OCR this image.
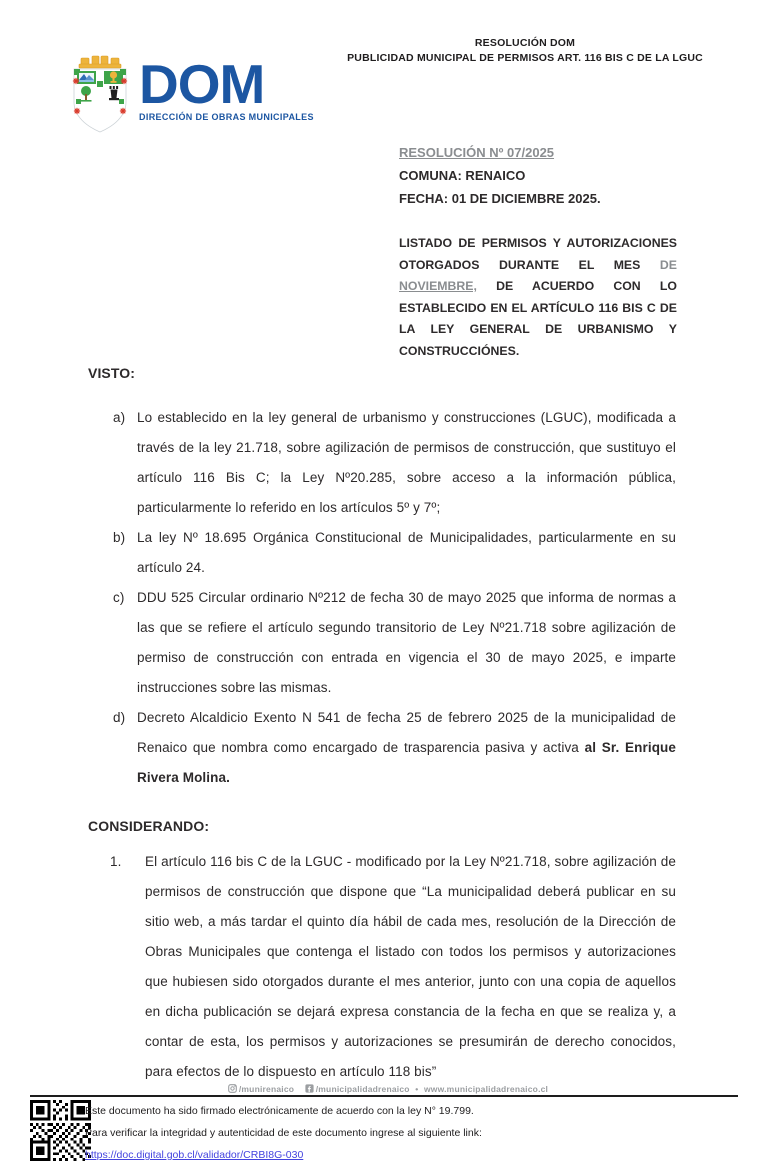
RESOLUCIÓN DOM
PUBLICIDAD MUNICIPAL DE PERMISOS ART. 116 BIS C DE LA LGUC
DOM
DIRECCIÓN DE OBRAS MUNICIPALES
RESOLUCIÓN Nº 07/2025
COMUNA: RENAICO
FECHA: 01 DE DICIEMBRE 2025.
LISTADO DE PERMISOS Y AUTORIZACIONES OTORGADOS DURANTE EL MES DE NOVIEMBRE, DE ACUERDO CON LO ESTABLECIDO EN EL ARTÍCULO 116 BIS C DE LA LEY GENERAL DE URBANISMO Y CONSTRUCCIÓNES.
VISTO:
a) Lo establecido en la ley general de urbanismo y construcciones (LGUC), modificada a través de la ley 21.718, sobre agilización de permisos de construcción, que sustituyo el artículo 116 Bis C; la Ley Nº20.285, sobre acceso a la información pública, particularmente lo referido en los artículos 5º y 7º;
b) La ley Nº 18.695 Orgánica Constitucional de Municipalidades, particularmente en su artículo 24.
c) DDU 525 Circular ordinario Nº212 de fecha 30 de mayo 2025 que informa de normas a las que se refiere el artículo segundo transitorio de Ley Nº21.718 sobre agilización de permiso de construcción con entrada en vigencia el 30 de mayo 2025, e imparte instrucciones sobre las mismas.
d) Decreto Alcaldicio Exento N 541 de fecha 25 de febrero 2025 de la municipalidad de Renaico que nombra como encargado de trasparencia pasiva y activa al Sr. Enrique Rivera Molina.
CONSIDERANDO:
1. El artículo 116 bis C de la LGUC - modificado por la Ley Nº21.718, sobre agilización de permisos de construcción que dispone que “La municipalidad deberá publicar en su sitio web, a más tardar el quinto día hábil de cada mes, resolución de la Dirección de Obras Municipales que contenga el listado con todos los permisos y autorizaciones que hubiesen sido otorgados durante el mes anterior, junto con una copia de aquellos en dicha publicación se dejará expresa constancia de la fecha en que se realiza y, a contar de esta, los permisos y autorizaciones se presumirán de derecho conocidos, para efectos de lo dispuesto en artículo 118 bis”
/munirenaico	/municipalidadrenaico • www.municipalidadrenaico.cl
Este documento ha sido firmado electrónicamente de acuerdo con la ley N° 19.799.
Para verificar la integridad y autenticidad de este documento ingrese al siguiente link:
https://doc.digital.gob.cl/validador/CRBI8G-030
